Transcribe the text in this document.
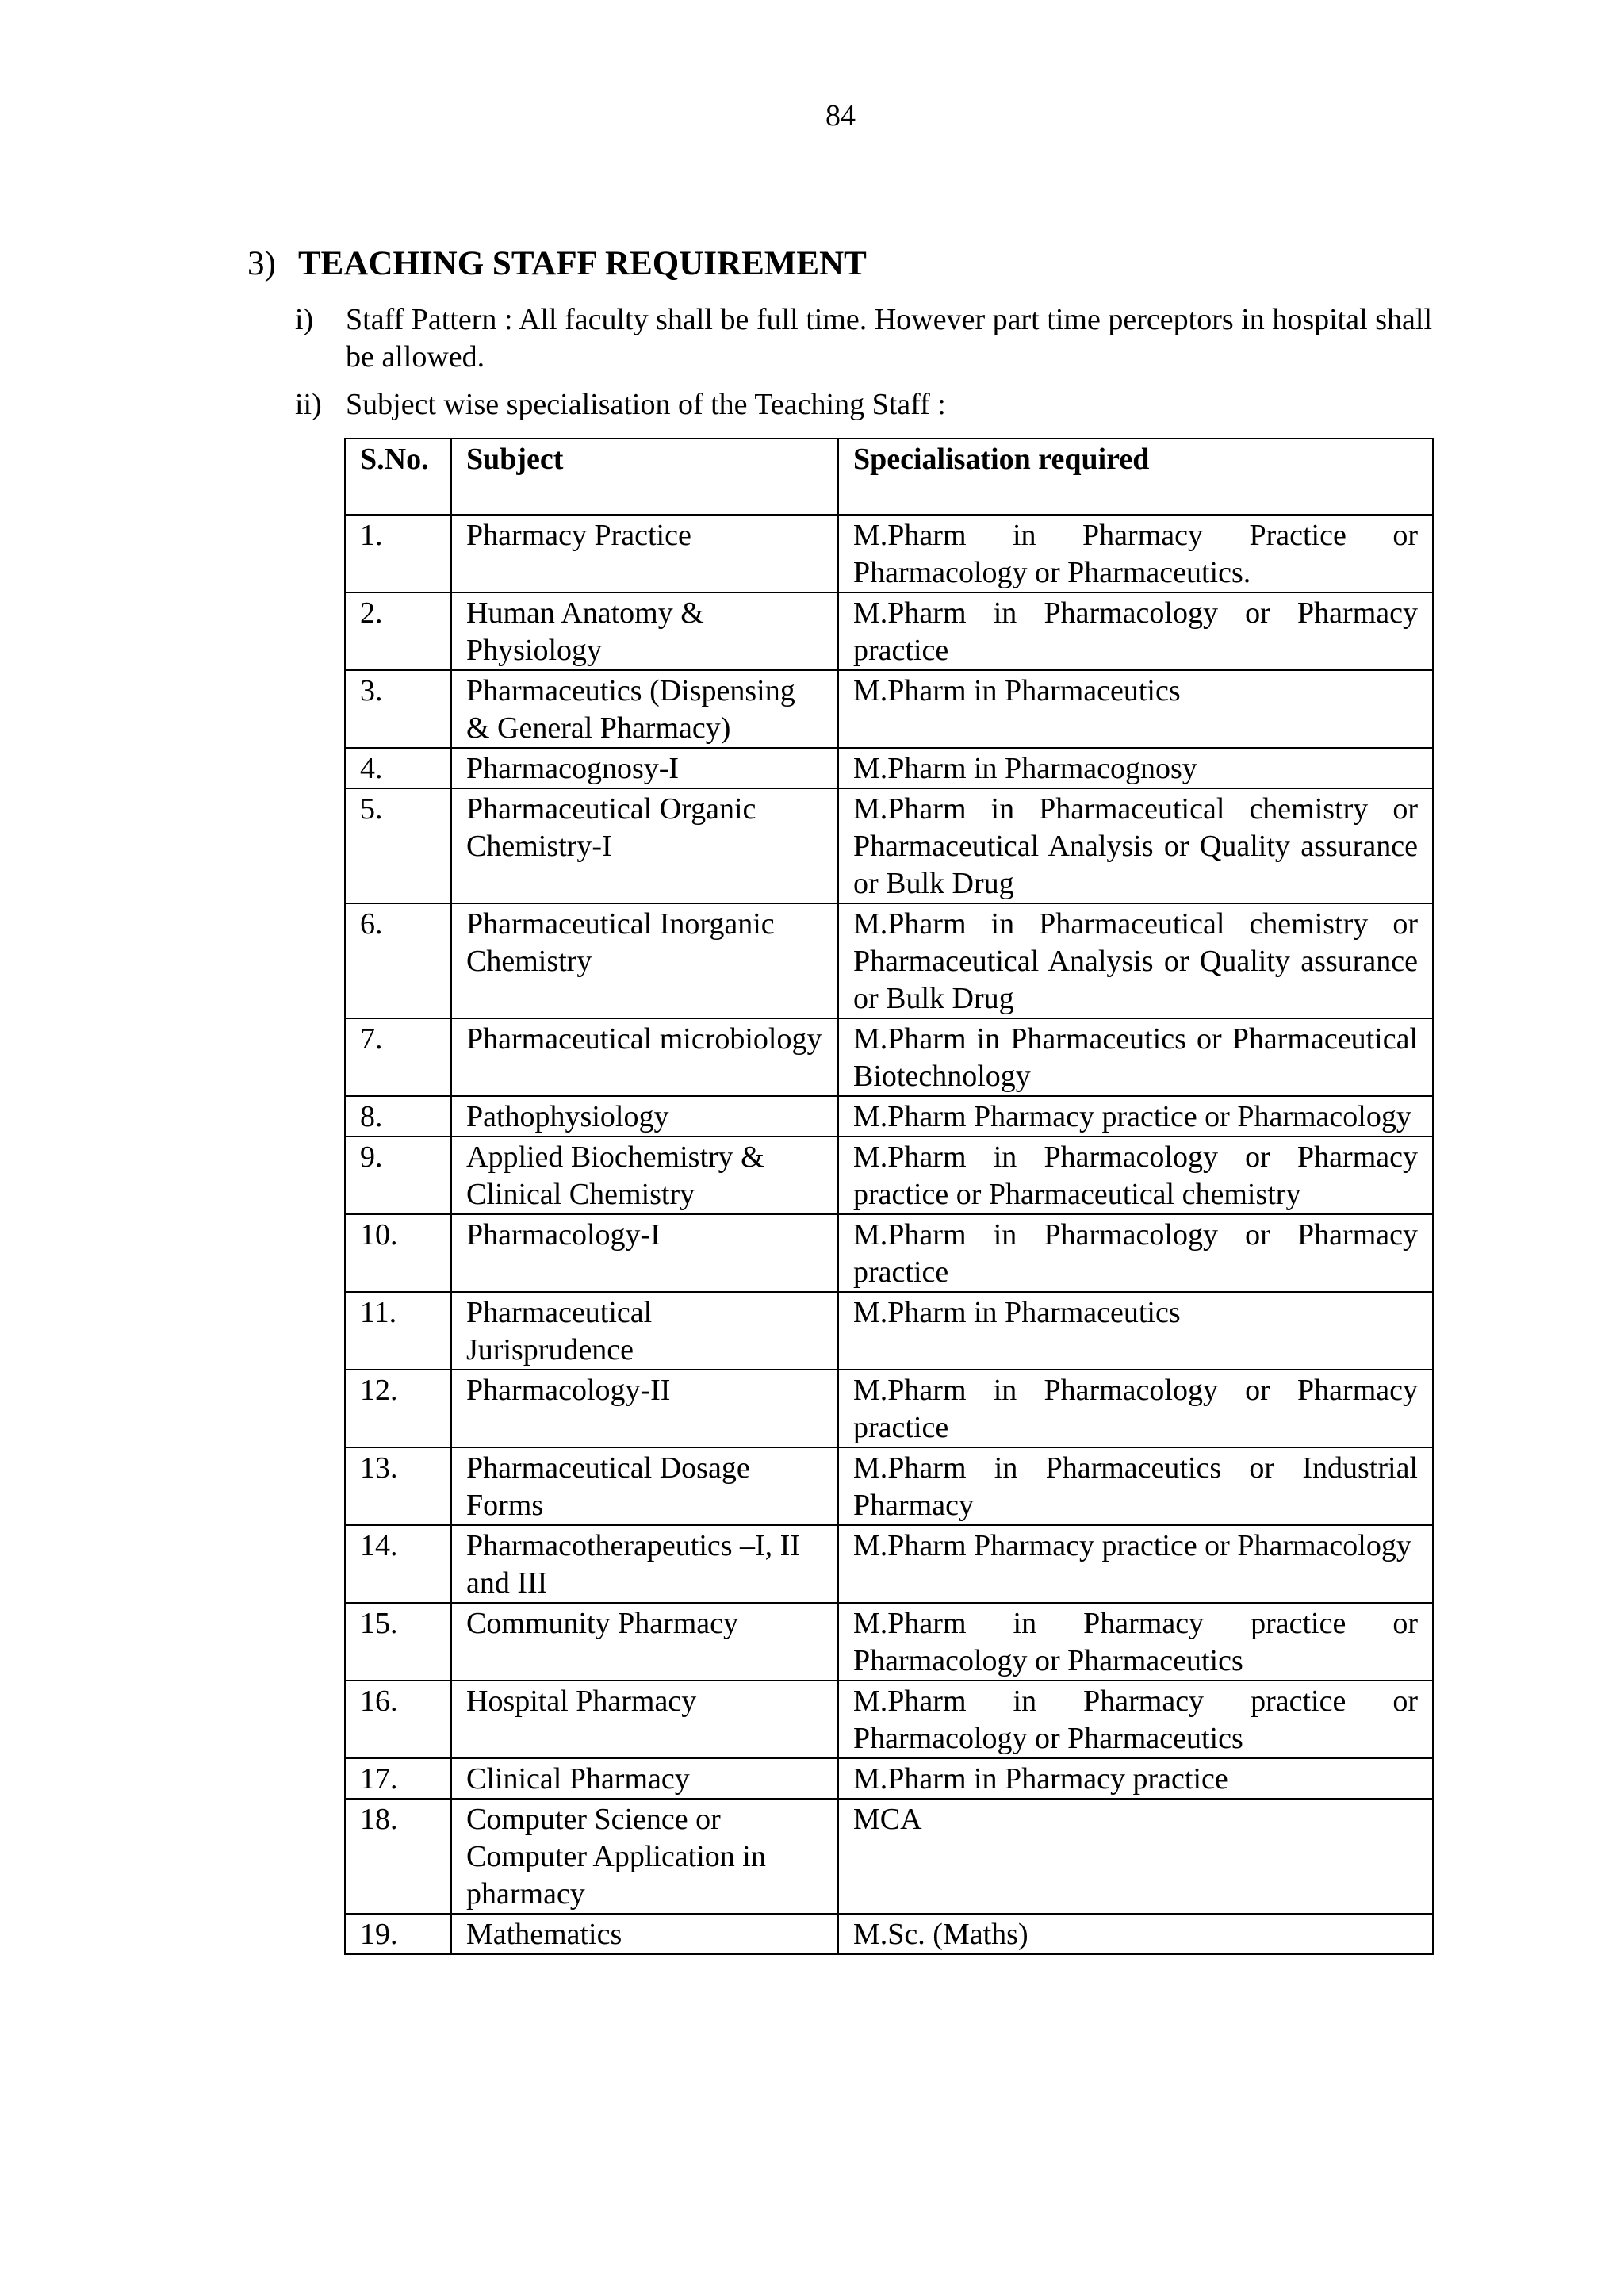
84
3) TEACHING STAFF REQUIREMENT
i) Staff Pattern : All faculty shall be full time. However part time perceptors in hospital shall be allowed.
ii) Subject wise specialisation of the Teaching Staff :
S.No.	Subject	Specialisation required
1.	Pharmacy Practice	M.Pharm in Pharmacy Practice or Pharmacology or Pharmaceutics.
2.	Human Anatomy & Physiology	M.Pharm in Pharmacology or Pharmacy practice
3.	Pharmaceutics (Dispensing & General Pharmacy)	M.Pharm in Pharmaceutics
4.	Pharmacognosy-I	M.Pharm in Pharmacognosy
5.	Pharmaceutical Organic Chemistry-I	M.Pharm in Pharmaceutical chemistry or Pharmaceutical Analysis or Quality assurance or Bulk Drug
6.	Pharmaceutical Inorganic Chemistry	M.Pharm in Pharmaceutical chemistry or Pharmaceutical Analysis or Quality assurance or Bulk Drug
7.	Pharmaceutical microbiology	M.Pharm in Pharmaceutics or Pharmaceutical Biotechnology
8.	Pathophysiology	M.Pharm Pharmacy practice or Pharmacology
9.	Applied Biochemistry & Clinical Chemistry	M.Pharm in Pharmacology or Pharmacy practice or Pharmaceutical chemistry
10.	Pharmacology-I	M.Pharm in Pharmacology or Pharmacy practice
11.	Pharmaceutical Jurisprudence	M.Pharm in Pharmaceutics
12.	Pharmacology-II	M.Pharm in Pharmacology or Pharmacy practice
13.	Pharmaceutical Dosage Forms	M.Pharm in Pharmaceutics or Industrial Pharmacy
14.	Pharmacotherapeutics –I, II and III	M.Pharm Pharmacy practice or Pharmacology
15.	Community Pharmacy	M.Pharm in Pharmacy practice or Pharmacology or Pharmaceutics
16.	Hospital Pharmacy	M.Pharm in Pharmacy practice or Pharmacology or Pharmaceutics
17.	Clinical Pharmacy	M.Pharm in Pharmacy practice
18.	Computer Science or Computer Application in pharmacy	MCA
19.	Mathematics	M.Sc. (Maths)
